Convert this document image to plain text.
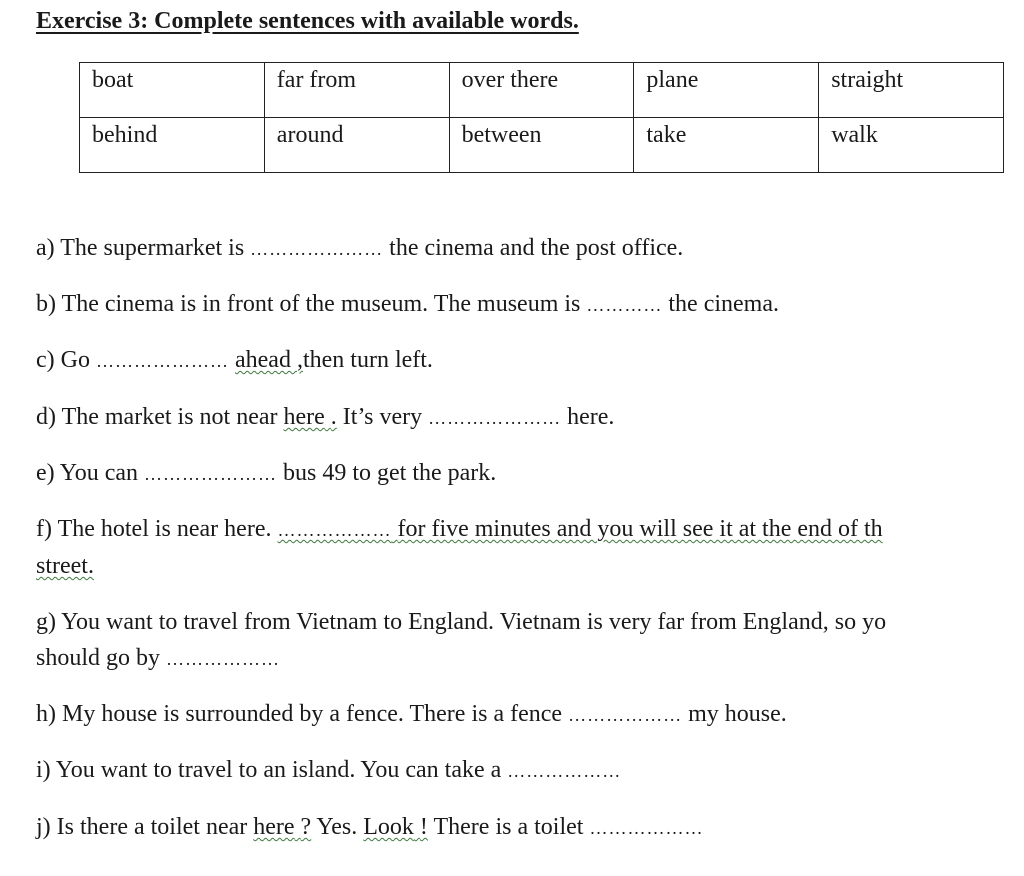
Exercise 3: Complete sentences with available words.
boat	far from	over there	plane	straight
behind	around	between	take	walk
a) The supermarket is ………………… the cinema and the post office.
b) The cinema is in front of the museum. The museum is ………… the cinema.
c) Go ………………… ahead ,then turn left.
d) The market is not near here . It’s very ………………… here.
e) You can ………………… bus 49 to get the park.
f) The hotel is near here. ……………… for five minutes and you will see it at the end of th
street.
g) You want to travel from Vietnam to England. Vietnam is very far from England, so yo
should go by ………………
h) My house is surrounded by a fence. There is a fence ……………… my house.
i) You want to travel to an island. You can take a ………………
j) Is there a toilet near here ? Yes. Look ! There is a toilet ………………
